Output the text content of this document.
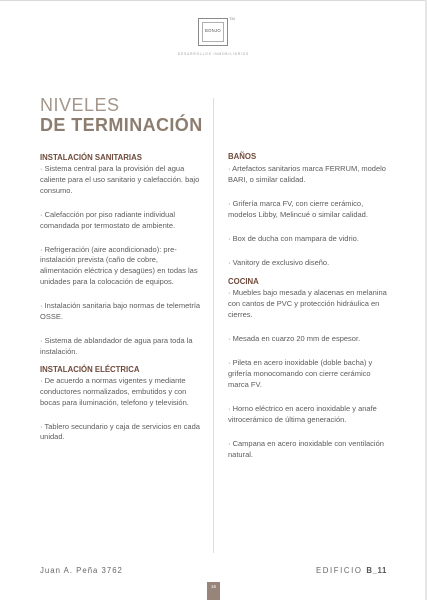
BONJO
TM
DESARROLLOS INMOBILIARIOS
NIVELES
DE TERMINACIÓN

INSTALACIÓN SANITARIAS

· Sistema central para la provisión del agua caliente para el uso sanitario y calefacción. bajo consumo.

· Calefacción por piso radiante individual comandada por termostato de ambiente.

· Refrigeración (aire acondicionado): pre-instalación prevista (caño de cobre, alimentación eléctrica y desagües) en todas las unidades para la colocación de equipos.

· Instalación sanitaria bajo normas de telemetría OSSE.

· Sistema de ablandador de agua para toda la instalación.

INSTALACIÓN ELÉCTRICA

· De acuerdo a normas vigentes y mediante conductores normalizados, embutidos y con bocas para iluminación, telefono y televisión.

· Tablero secundario y caja de servicios en cada unidad.

BAÑOS

· Artefactos sanitarios marca FERRUM, modelo BARI, o similar calidad.

· Grifería marca FV, con cierre cerámico, modelos Libby, Melincué o similar calidad.

· Box de ducha con mampara de vidrio.

· Vanitory de exclusivo diseño.

COCINA

· Muebles bajo mesada y alacenas en melanina con cantos de PVC y protección hidráulica en cierres.

· Mesada en cuarzo 20 mm de espesor.

· Pileta en acero inoxidable (doble bacha) y grifería monocomando con cierre cerámico marca FV.

· Horno eléctrico en acero inoxidable y anafe vitrocerámico de última generación.

· Campana en acero inoxidable con ventilación natural.

Juan A. Peña 3762	EDIFICIO B_11
16
